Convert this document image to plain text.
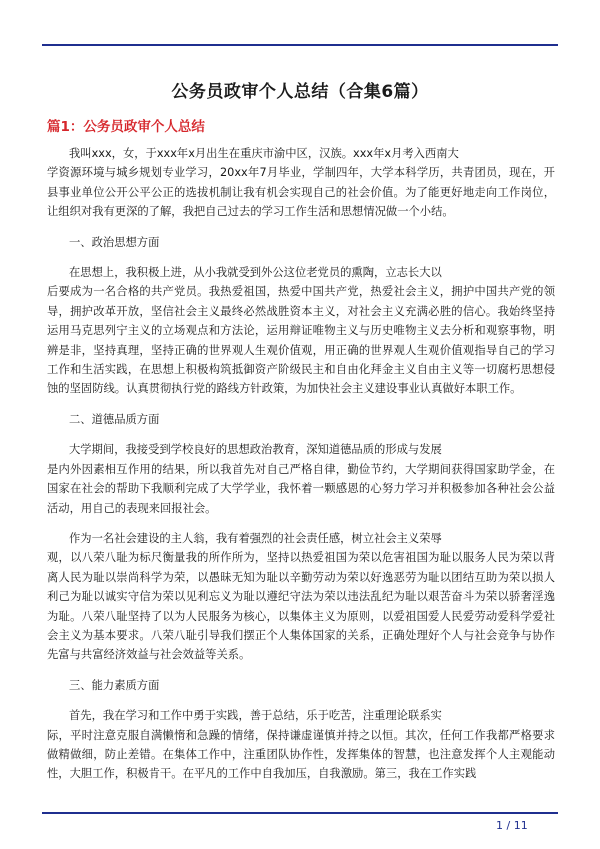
公务员政审个人总结（合集6篇）
篇1：公务员政审个人总结

我叫xxx，女，于xxx年x月出生在重庆市渝中区，汉族。xxx年x月考入西南大
学资源环境与城乡规划专业学习，20xx年7月毕业，学制四年，大学本科学历，共青团员，现在，开县事业单位公开公平公正的选拔机制让我有机会实现自己的社会价值。为了能更好地走向工作岗位，让组织对我有更深的了解，我把自己过去的学习工作生活和思想情况做一个小结。

一、政治思想方面

在思想上，我积极上进，从小我就受到外公这位老党员的熏陶，立志长大以
后要成为一名合格的共产党员。我热爱祖国，热爱中国共产党，热爱社会主义，拥护中国共产党的领导，拥护改革开放，坚信社会主义最终必然战胜资本主义，对社会主义充满必胜的信心。我始终坚持运用马克思列宁主义的立场观点和方法论，运用辩证唯物主义与历史唯物主义去分析和观察事物，明辨是非，坚持真理，坚持正确的世界观人生观价值观，用正确的世界观人生观价值观指导自己的学习工作和生活实践，在思想上积极构筑抵御资产阶级民主和自由化拜金主义自由主义等一切腐朽思想侵蚀的坚固防线。认真贯彻执行党的路线方针政策，为加快社会主义建设事业认真做好本职工作。

二、道德品质方面

大学期间，我接受到学校良好的思想政治教育，深知道德品质的形成与发展
是内外因素相互作用的结果，所以我首先对自己严格自律，勤俭节约，大学期间获得国家助学金，在国家在社会的帮助下我顺利完成了大学学业，我怀着一颗感恩的心努力学习并积极参加各种社会公益活动，用自己的表现来回报社会。

作为一名社会建设的主人翁，我有着强烈的社会责任感，树立社会主义荣辱
观，以八荣八耻为标尺衡量我的所作所为，坚持以热爱祖国为荣以危害祖国为耻以服务人民为荣以背离人民为耻以崇尚科学为荣，以愚昧无知为耻以辛勤劳动为荣以好逸恶劳为耻以团结互助为荣以损人利己为耻以诚实守信为荣以见利忘义为耻以遵纪守法为荣以违法乱纪为耻以艰苦奋斗为荣以骄奢淫逸为耻。八荣八耻坚持了以为人民服务为核心，以集体主义为原则，以爱祖国爱人民爱劳动爱科学爱社会主义为基本要求。八荣八耻引导我们摆正个人集体国家的关系，正确处理好个人与社会竞争与协作先富与共富经济效益与社会效益等关系。

三、能力素质方面

首先，我在学习和工作中勇于实践，善于总结，乐于吃苦，注重理论联系实
际，平时注意克服自满懒惰和急躁的情绪，保持谦虚谨慎并持之以恒。其次，任何工作我都严格要求做精做细，防止差错。在集体工作中，注重团队协作性，发挥集体的智慧，也注意发挥个人主观能动性，大胆工作，积极肯干。在平凡的工作中自我加压，自我激励。第三，我在工作实践

1 / 11
